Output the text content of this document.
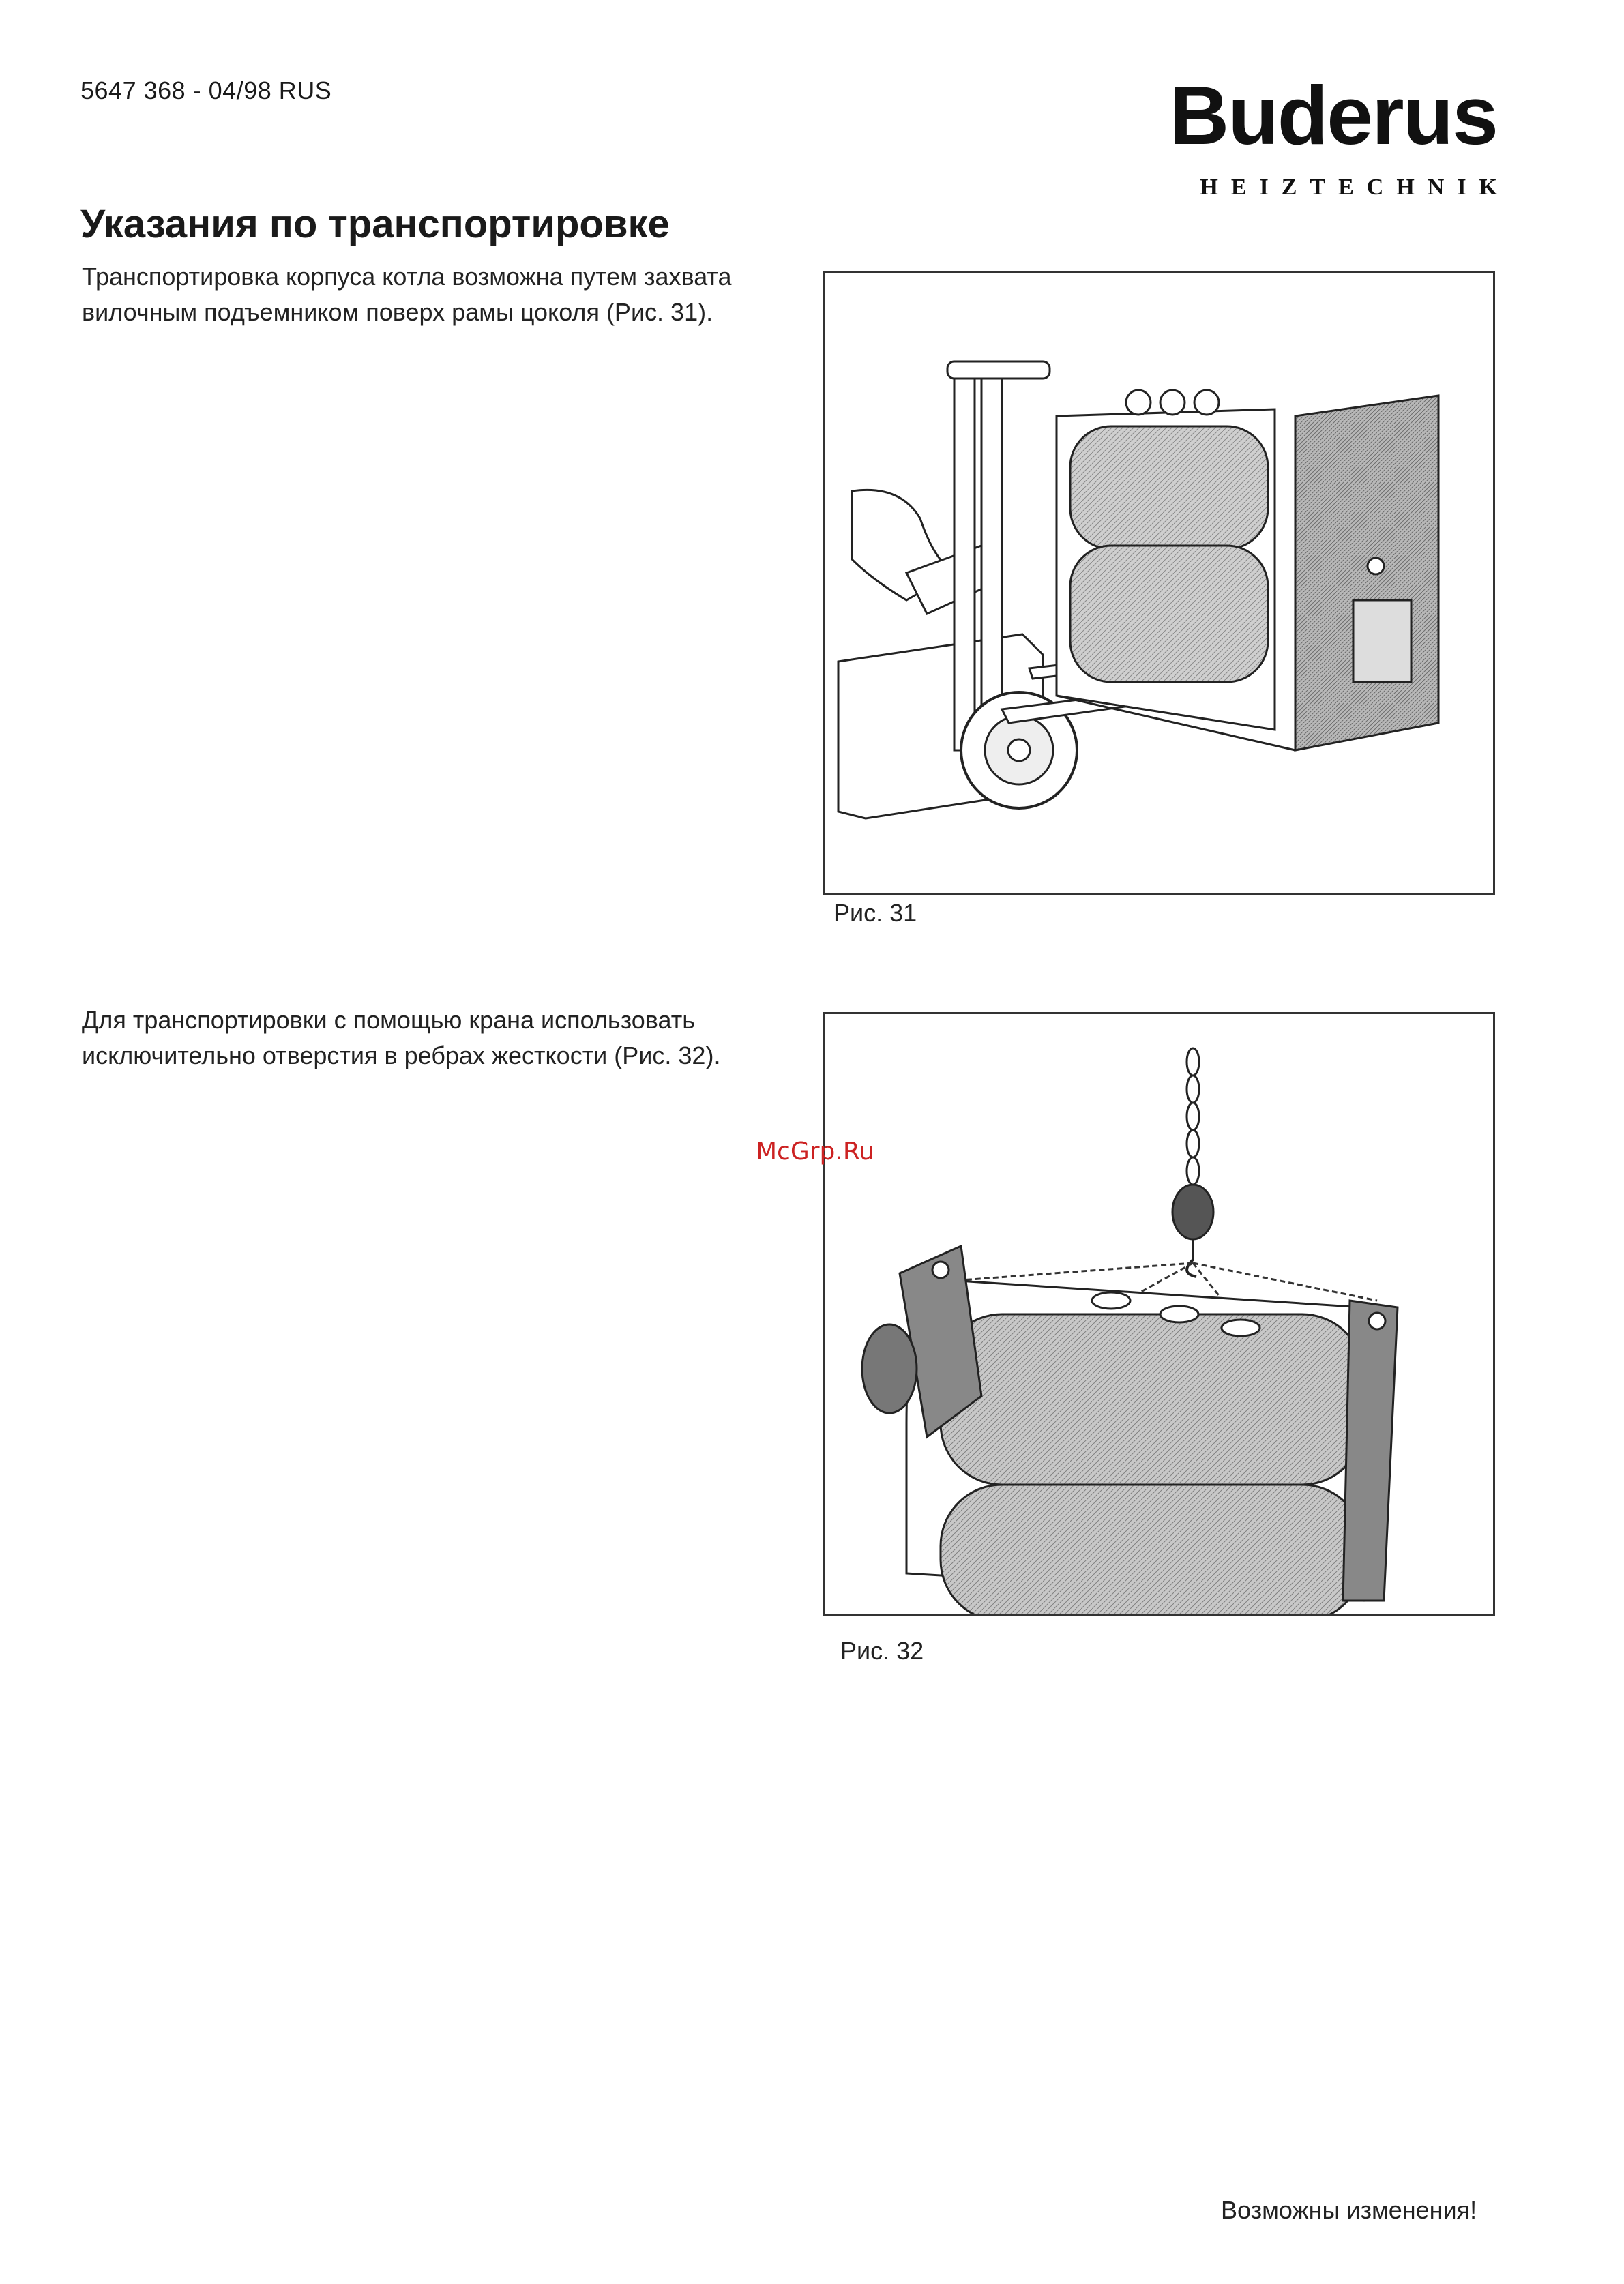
5647 368 - 04/98 RUS	Buderus
HEIZTECHNIK
Указания по транспортировке

Транспортировка корпуса котла возможна путем захвата вилочным подъемником поверх рамы цоколя (Рис. 31).

Рис. 31

Для транспортировки с помощью крана использовать исключительно отверстия в ребрах жесткости (Рис. 32).

Рис. 32
McGrp.Ru
Возможны изменения!
